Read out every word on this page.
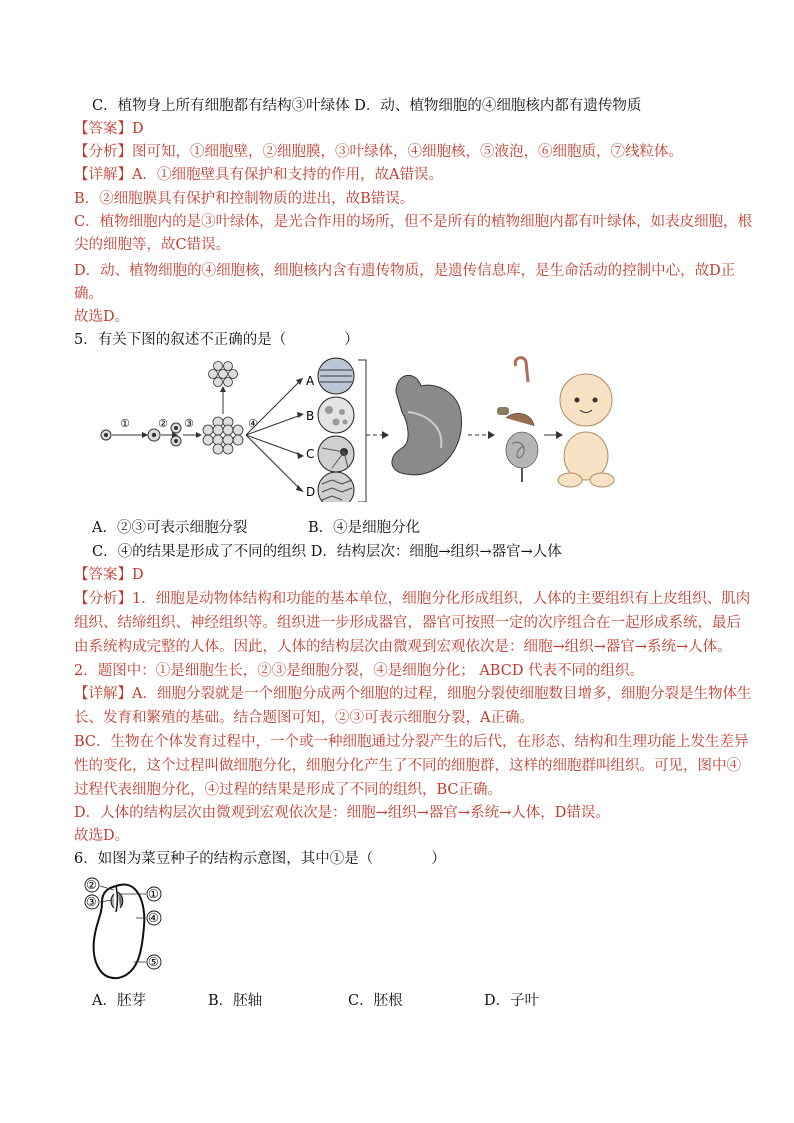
C．植物身上所有细胞都有结构③叶绿体 D．动、植物细胞的④细胞核内都有遗传物质
【答案】D
【分析】图可知，①细胞壁，②细胞膜，③叶绿体，④细胞核，⑤液泡，⑥细胞质，⑦线粒体。
【详解】A．①细胞壁具有保护和支持的作用，故A错误。
B．②细胞膜具有保护和控制物质的进出，故B错误。
C．植物细胞内的是③叶绿体，是光合作用的场所，但不是所有的植物细胞内都有叶绿体，如表皮细胞，根
尖的细胞等，故C错误。
D．动、植物细胞的④细胞核，细胞核内含有遗传物质，是遗传信息库，是生命活动的控制中心，故D正
确。
故选D。
5．有关下图的叙述不正确的是（　　　　）
①	② ③	④
A
B
C
D
A．②③可表示细胞分裂	B．④是细胞分化
C．④的结果是形成了不同的组织 D．结构层次：细胞→组织→器官→人体
【答案】D
【分析】1．细胞是动物体结构和功能的基本单位，细胞分化形成组织，人体的主要组织有上皮组织、肌肉
组织、结缔组织、神经组织等。组织进一步形成器官，器官可按照一定的次序组合在一起形成系统，最后
由系统构成完整的人体。因此，人体的结构层次由微观到宏观依次是：细胞→组织→器官→系统→人体。
2．题图中：①是细胞生长，②③是细胞分裂，④是细胞分化； ABCD 代表不同的组织。
【详解】A．细胞分裂就是一个细胞分成两个细胞的过程，细胞分裂使细胞数目增多，细胞分裂是生物体生
长、发育和繁殖的基础。结合题图可知，②③可表示细胞分裂，A正确。
BC．生物在个体发育过程中，一个或一种细胞通过分裂产生的后代，在形态、结构和生理功能上发生差异
性的变化，这个过程叫做细胞分化，细胞分化产生了不同的细胞群，这样的细胞群叫组织。可见，图中④
过程代表细胞分化，④过程的结果是形成了不同的组织，BC正确。
D．人体的结构层次由微观到宏观依次是：细胞→组织→器官→系统→人体，D错误。
故选D。
6．如图为菜豆种子的结构示意图，其中①是（　　　　）
①
②
③
④
⑤
A．胚芽	B．胚轴	C．胚根	D．子叶
